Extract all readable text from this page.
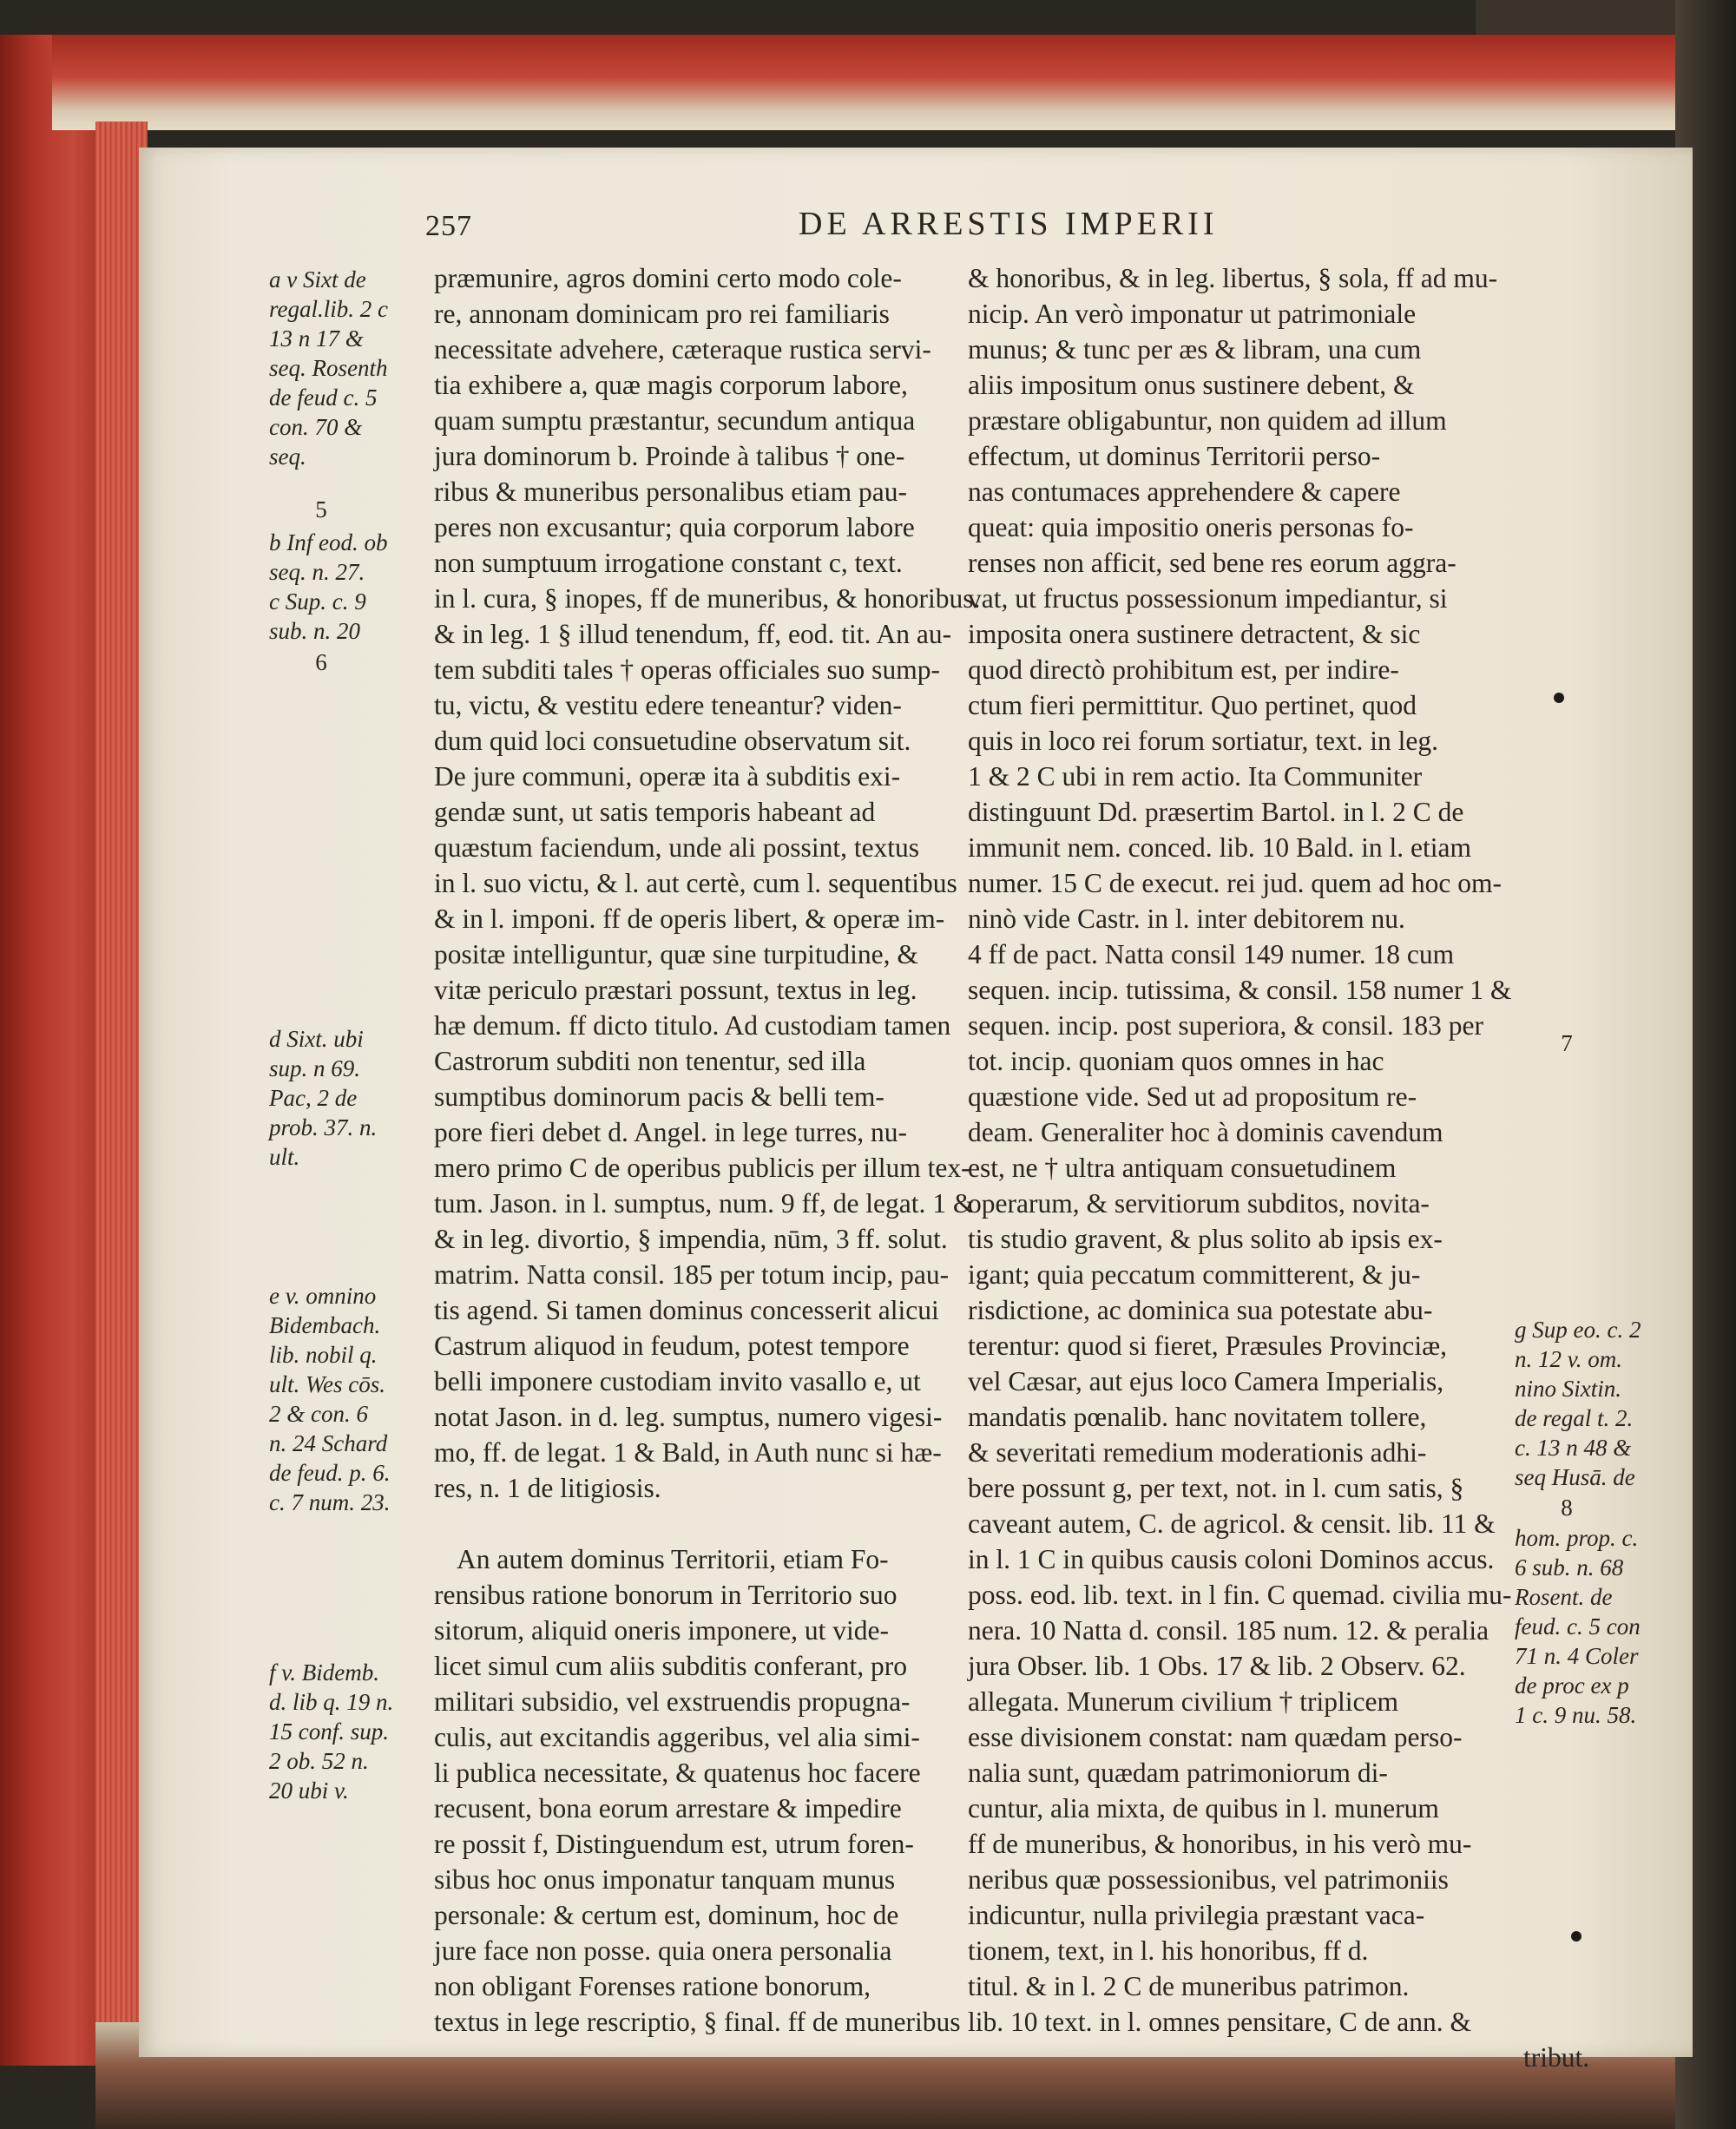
257	DE ARRESTIS IMPERII
a v Sixt de
regal.lib. 2 c
13 n 17 &
seq. Rosenth
de feud c. 5
con. 70 &
seq.
5
b Inf eod. ob
seq. n. 27.
c Sup. c. 9
sub. n. 20
6
d Sixt. ubi
sup. n 69.
Pac, 2 de
prob. 37. n.
ult.
e v. omnino
Bidembach.
lib. nobil q.
ult. Wes cōs.
2 & con. 6
n. 24 Schard
de feud. p. 6.
c. 7 num. 23.
f v. Bidemb.
d. lib q. 19 n.
15 conf. sup.
2 ob. 52 n.
20 ubi v.
præmunire, agros domini certo modo cole-
re, annonam dominicam pro rei familiaris
necessitate advehere, cæteraque rustica servi-
tia exhibere a, quæ magis corporum labore,
quam sumptu præstantur, secundum antiqua
jura dominorum b. Proinde à talibus † one-
ribus & muneribus personalibus etiam pau-
peres non excusantur; quia corporum labore
non sumptuum irrogatione constant c, text.
in l. cura, § inopes, ff de muneribus, & honoribus.
& in leg. 1 § illud tenendum, ff, eod. tit. An au-
tem subditi tales † operas officiales suo sump-
tu, victu, & vestitu edere teneantur? viden-
dum quid loci consuetudine observatum sit.
De jure communi, operæ ita à subditis exi-
gendæ sunt, ut satis temporis habeant ad
quæstum faciendum, unde ali possint, textus
in l. suo victu, & l. aut certè, cum l. sequentibus
& in l. imponi. ff de operis libert, & operæ im-
positæ intelliguntur, quæ sine turpitudine, &
vitæ periculo præstari possunt, textus in leg.
hæ demum. ff dicto titulo. Ad custodiam tamen
Castrorum subditi non tenentur, sed illa
sumptibus dominorum pacis & belli tem-
pore fieri debet d. Angel. in lege turres, nu-
mero primo C de operibus publicis per illum tex-
tum. Jason. in l. sumptus, num. 9 ff, de legat. 1 &
& in leg. divortio, § impendia, nūm, 3 ff. solut.
matrim. Natta consil. 185 per totum incip, pau-
tis agend. Si tamen dominus concesserit alicui
Castrum aliquod in feudum, potest tempore
belli imponere custodiam invito vasallo e, ut
notat Jason. in d. leg. sumptus, numero vigesi-
mo, ff. de legat. 1 & Bald, in Auth nunc si hæ-
res, n. 1 de litigiosis.
An autem dominus Territorii, etiam Fo-
rensibus ratione bonorum in Territorio suo
sitorum, aliquid oneris imponere, ut vide-
licet simul cum aliis subditis conferant, pro
militari subsidio, vel exstruendis propugna-
culis, aut excitandis aggeribus, vel alia simi-
li publica necessitate, & quatenus hoc facere
recusent, bona eorum arrestare & impedire
re possit f, Distinguendum est, utrum foren-
sibus hoc onus imponatur tanquam munus
personale: & certum est, dominum, hoc de
jure face non posse. quia onera personalia
non obligant Forenses ratione bonorum,
textus in lege rescriptio, § final. ff de muneribus
& honoribus, & in leg. libertus, § sola, ff ad mu-
nicip. An verò imponatur ut patrimoniale
munus; & tunc per æs & libram, una cum
aliis impositum onus sustinere debent, &
præstare obligabuntur, non quidem ad illum
effectum, ut dominus Territorii perso-
nas contumaces apprehendere & capere
queat: quia impositio oneris personas fo-
renses non afficit, sed bene res eorum aggra-
vat, ut fructus possessionum impediantur, si
imposita onera sustinere detractent, & sic
quod directò prohibitum est, per indire-
ctum fieri permittitur. Quo pertinet, quod
quis in loco rei forum sortiatur, text. in leg.
1 & 2 C ubi in rem actio. Ita Communiter
distinguunt Dd. præsertim Bartol. in l. 2 C de
immunit nem. conced. lib. 10 Bald. in l. etiam
numer. 15 C de execut. rei jud. quem ad hoc om-
ninò vide Castr. in l. inter debitorem nu.
4 ff de pact. Natta consil 149 numer. 18 cum
sequen. incip. tutissima, & consil. 158 numer 1 &
sequen. incip. post superiora, & consil. 183 per
tot. incip. quoniam quos omnes in hac
quæstione vide. Sed ut ad propositum re-
deam. Generaliter hoc à dominis cavendum
est, ne † ultra antiquam consuetudinem
operarum, & servitiorum subditos, novita-
tis studio gravent, & plus solito ab ipsis ex-
igant; quia peccatum committerent, & ju-
risdictione, ac dominica sua potestate abu-
terentur: quod si fieret, Præsules Provinciæ,
vel Cæsar, aut ejus loco Camera Imperialis,
mandatis pœnalib. hanc novitatem tollere,
& severitati remedium moderationis adhi-
bere possunt g, per text, not. in l. cum satis, §
caveant autem, C. de agricol. & censit. lib. 11 &
in l. 1 C in quibus causis coloni Dominos accus.
poss. eod. lib. text. in l fin. C quemad. civilia mu-
nera. 10 Natta d. consil. 185 num. 12. & peralia
jura Obser. lib. 1 Obs. 17 & lib. 2 Observ. 62.
allegata. Munerum civilium † triplicem
esse divisionem constat: nam quædam perso-
nalia sunt, quædam patrimoniorum di-
cuntur, alia mixta, de quibus in l. munerum
ff de muneribus, & honoribus, in his verò mu-
neribus quæ possessionibus, vel patrimoniis
indicuntur, nulla privilegia præstant vaca-
tionem, text, in l. his honoribus, ff d.
titul. & in l. 2 C de muneribus patrimon.
lib. 10 text. in l. omnes pensitare, C de ann. &
tribut.
7
g Sup eo. c. 2
n. 12 v. om.
nino Sixtin.
de regal t. 2.
c. 13 n 48 &
seq Husā. de
8
hom. prop. c.
6 sub. n. 68
Rosent. de
feud. c. 5 con
71 n. 4 Coler
de proc ex p
1 c. 9 nu. 58.
